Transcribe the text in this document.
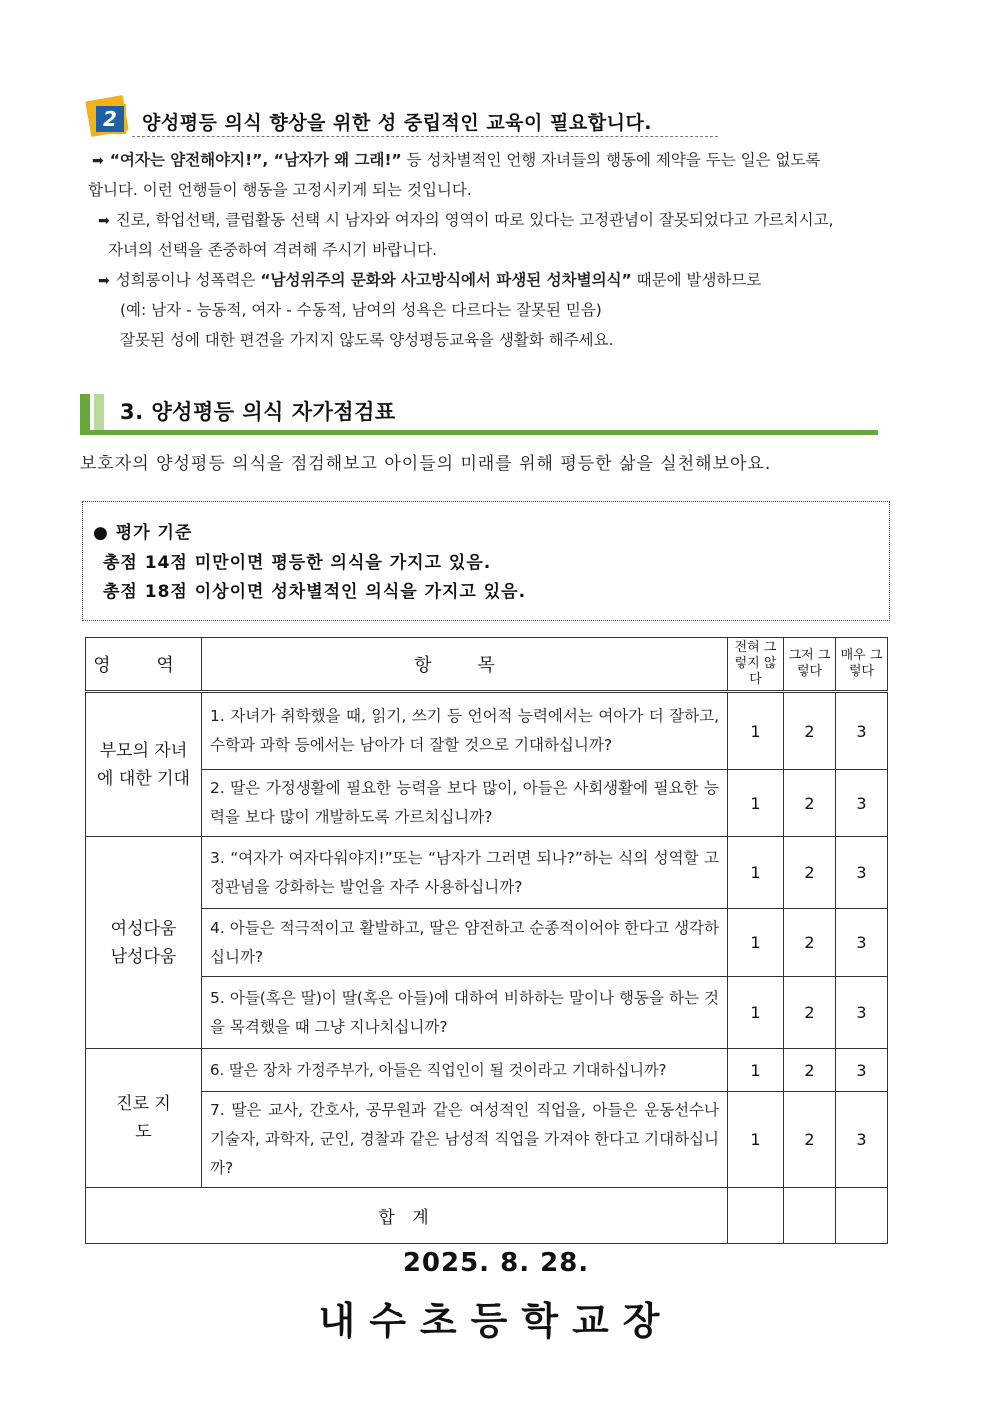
2	양성평등 의식 향상을 위한 성 중립적인 교육이 필요합니다.
➡ “여자는 얌전해야지!”, “남자가 왜 그래!” 등 성차별적인 언행 자녀들의 행동에 제약을 두는 일은 없도록
합니다. 이런 언행들이 행동을 고정시키게 되는 것입니다.
➡ 진로, 학업선택, 클럽활동 선택 시 남자와 여자의 영역이 따로 있다는 고정관념이 잘못되었다고 가르치시고,
자녀의 선택을 존중하여 격려해 주시기 바랍니다.
➡ 성희롱이나 성폭력은 “남성위주의 문화와 사고방식에서 파생된 성차별의식” 때문에 발생하므로
(예: 남자 - 능동적, 여자 - 수동적, 남여의 성욕은 다르다는 잘못된 믿음)
잘못된 성에 대한 편견을 가지지 않도록 양성평등교육을 생활화 해주세요.
3. 양성평등 의식 자가점검표
보호자의 양성평등 의식을 점검해보고 아이들의 미래를 위해 평등한 삶을 실천해보아요.
● 평가 기준
총점 14점 미만이면 평등한 의식을 가지고 있음.
총점 18점 이상이면 성차별적인 의식을 가지고 있음.
영 역	항 목	전혀 그렇지 않다	그저 그렇다	매우 그렇다
부모의 자녀에 대한 기대	1. 자녀가 취학했을 때, 읽기, 쓰기 등 언어적 능력에서는 여아가 더 잘하고, 수학과 과학 등에서는 남아가 더 잘할 것으로 기대하십니까?	1	2	3
	2. 딸은 가정생활에 필요한 능력을 보다 많이, 아들은 사회생활에 필요한 능력을 보다 많이 개발하도록 가르치십니까?	1	2	3
여성다움 남성다움	3. “여자가 여자다워야지!”또는 “남자가 그러면 되나?”하는 식의 성역할 고정관념을 강화하는 발언을 자주 사용하십니까?	1	2	3
	4. 아들은 적극적이고 활발하고, 딸은 얌전하고 순종적이어야 한다고 생각하십니까?	1	2	3
	5. 아들(혹은 딸)이 딸(혹은 아들)에 대하여 비하하는 말이나 행동을 하는 것을 목격했을 때 그냥 지나치십니까?	1	2	3
진로 지도	6. 딸은 장차 가정주부가, 아들은 직업인이 될 것이라고 기대하십니까?	1	2	3
	7. 딸은 교사, 간호사, 공무원과 같은 여성적인 직업을, 아들은 운동선수나 기술자, 과학자, 군인, 경찰과 같은 남성적 직업을 가져야 한다고 기대하십니까?	1	2	3
합 계				
2025. 8. 28.
내수초등학교장
